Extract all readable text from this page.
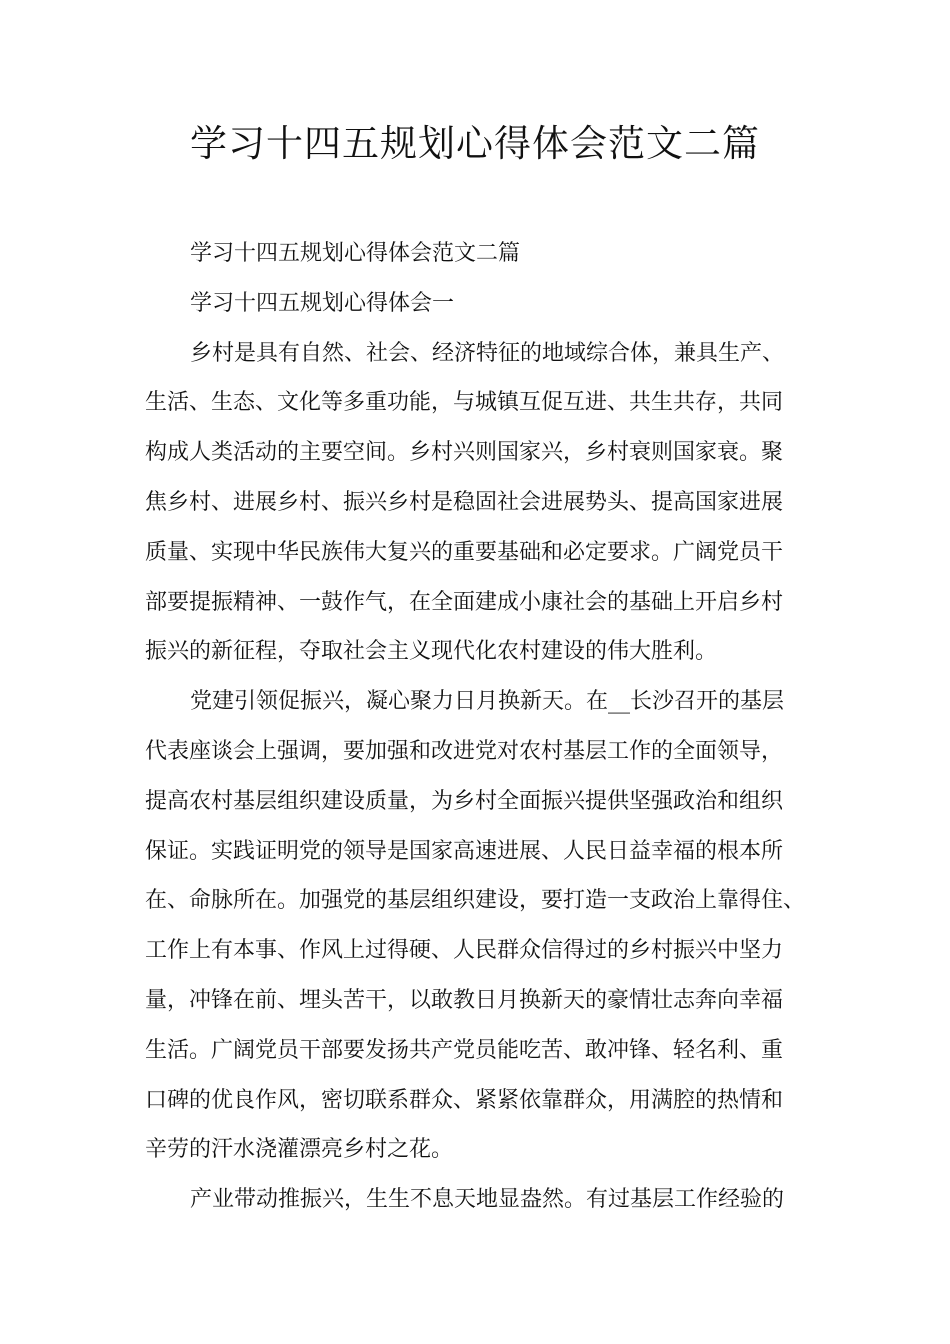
学习十四五规划心得体会范文二篇
学习十四五规划心得体会范文二篇
学习十四五规划心得体会一
乡村是具有自然、社会、经济特征的地域综合体，兼具生产、
生活、生态、文化等多重功能，与城镇互促互进、共生共存，共同
构成人类活动的主要空间。乡村兴则国家兴，乡村衰则国家衰。聚
焦乡村、进展乡村、振兴乡村是稳固社会进展势头、提高国家进展
质量、实现中华民族伟大复兴的重要基础和必定要求。广阔党员干
部要提振精神、一鼓作气，在全面建成小康社会的基础上开启乡村
振兴的新征程，夺取社会主义现代化农村建设的伟大胜利。
党建引领促振兴，凝心聚力日月换新天。在__长沙召开的基层
代表座谈会上强调，要加强和改进党对农村基层工作的全面领导，
提高农村基层组织建设质量，为乡村全面振兴提供坚强政治和组织
保证。实践证明党的领导是国家高速进展、人民日益幸福的根本所
在、命脉所在。加强党的基层组织建设，要打造一支政治上靠得住、
工作上有本事、作风上过得硬、人民群众信得过的乡村振兴中坚力
量，冲锋在前、埋头苦干，以敢教日月换新天的豪情壮志奔向幸福
生活。广阔党员干部要发扬共产党员能吃苦、敢冲锋、轻名利、重
口碑的优良作风，密切联系群众、紧紧依靠群众，用满腔的热情和
辛劳的汗水浇灌漂亮乡村之花。
产业带动推振兴，生生不息天地显盎然。有过基层工作经验的
